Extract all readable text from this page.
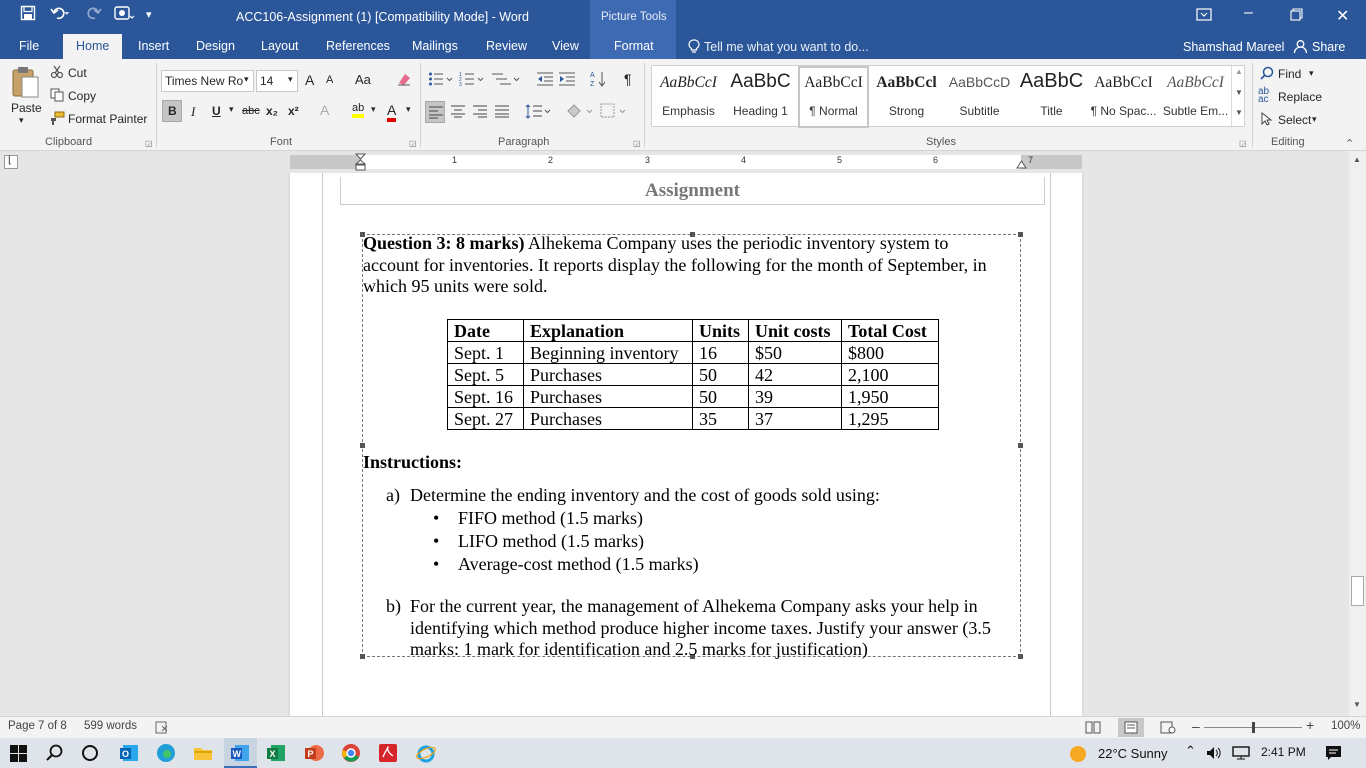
▾	ACC106-Assignment (1) [Compatibility Mode] - Word	Picture Tools	–	✕
File	Home	Insert Design Layout References Mailings Review View	Format	Tell me what you want to do...	Shamshad Mareel Share
Paste
▾
Cut
Copy
Format Painter
Clipboard	◲
Times New Ro ▾ 14 ▾ A A Aa
B I U ▾ abc x₂ x² A ab ▾ A ▾
Font	◲
1
2
3
A
Z ¶
Paragraph	◲
AaBbCcI
Emphasis
AaBbC
Heading 1
AaBbCcI
¶ Normal
AaBbCcl
Strong
AaBbCcD
Subtitle
AaBbC
Title
AaBbCcI
¶ No Spac...
AaBbCcI
Subtle Em...
▲
▼
▼
Styles	◲
Find ▾
ab
ac Replace
Select ▾
Editing	⌃
⌊	1	2	3	4	5	6	7
Assignment
Question 3: 8 marks) Alhekema Company uses the periodic inventory system to
account for inventories. It reports display the following for the month of September, in
which 95 units were sold.
Date	Explanation	Units	Unit costs	Total Cost
Sept. 1	Beginning inventory	16	$50	$800
Sept. 5	Purchases	50	42	2,100
Sept. 16	Purchases	50	39	1,950
Sept. 27	Purchases	35	37	1,295
Instructions:
a) Determine the ending inventory and the cost of goods sold using:
• FIFO method (1.5 marks)
• LIFO method (1.5 marks)
• Average-cost method (1.5 marks)
b) For the current year, the management of Alhekema Company asks your help in
identifying which method produce higher income taxes. Justify your answer (3.5
marks: 1 mark for identification and 2.5 marks for justification)
▲
▼
Page 7 of 8 599 words	–	+ 100%
O	W	X	P	22°C Sunny ⌃	2:41 PM
